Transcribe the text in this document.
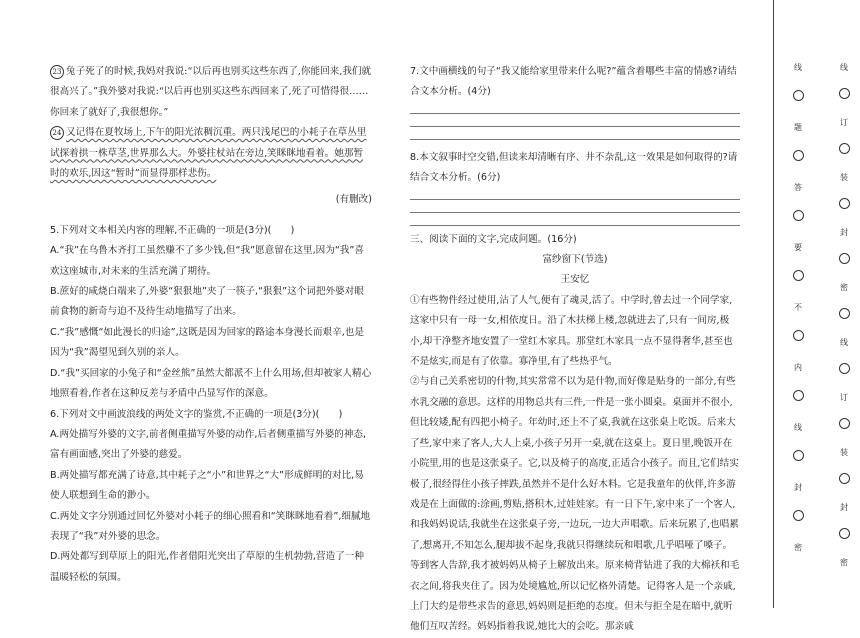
23 兔子死了的时候,我妈对我说:“以后再也别买这些东西了,你能回来,我们就很高兴了。”我外婆对我说:“以后再也别买这些东西回来了,死了可惜得很……你回来了就好了,我很想你。”

24 又记得在夏牧场上,下午的阳光浓稠沉重。两只浅尾巴的小耗子在草丛里试探着拱一株草茎,世界那么大。外婆拄杖站在旁边,笑眯眯地看着。她那暂时的欢乐,因这“暂时”而显得那样悲伤。

(有删改)

5.下列对文本相关内容的理解,不正确的一项是(3分)(　　)

A.“我”在乌鲁木齐打工虽然赚不了多少钱,但“我”愿意留在这里,因为“我”喜欢这座城市,对未来的生活充满了期待。

B.蔗好的咸烧白端来了,外婆“狠狠地”夹了一筷子,“狠狠”这个词把外婆对眼前食物的新奇与迫不及待生动地描写了出来。

C.“我”感慨“如此漫长的归途”,这既是因为回家的路途本身漫长而艰辛,也是因为“我”渴望见到久别的亲人。

D.“我”买回家的小兔子和“金丝熊”虽然大都派不上什么用场,但却被家人精心地照看着,作者在这种反差与矛盾中凸显写作的深意。

6.下列对文中画波浪线的两处文字的鉴赏,不正确的一项是(3分)(　　)

A.两处描写外婆的文字,前者侧重描写外婆的动作,后者侧重描写外婆的神态,富有画面感,突出了外婆的慈爱。

B.两处描写都充满了诗意,其中耗子之“小”和世界之“大”形成鲜明的对比,易使人联想到生命的渺小。

C.两处文字分别通过回忆外婆对小耗子的细心照看和“笑眯眯地看着”,细腻地表现了“我”对外婆的思念。

D.两处都写到草原上的阳光,作者借阳光突出了草原的生机勃勃,营造了一种温暖轻松的氛围。

7.文中画横线的句子“我又能给家里带来什么呢?”蕴含着哪些丰富的情感?请结合文本分析。(4分)

8.本文叙事时空交错,但读来却清晰有序、井不杂乱,这一效果是如何取得的?请结合文本分析。(6分)

三、阅读下面的文字,完成问题。(16分)

富纱窗下(节选)

王安忆

①有些物件经过使用,沾了人气,便有了魂灵,活了。中学时,曾去过一个同学家,这家中只有一母一女,相依度日。沿了木扶梯上楼,忽就进去了,只有一间房,极小,却干净整齐地安置了一堂红木家具。那堂红木家具一点不显得奢华,甚至也不是炫实,而是有了依靠。寡净里,有了些热乎气。

②与自己关系密切的什物,其实常常不以为是什物,而好像是贴身的一部分,有些水乳交融的意思。这样的用物总共有三件,一件是一张小圆桌。桌面并不很小,但比较矮,配有四把小椅子。年幼时,还上不了桌,我就在这张桌上吃饭。后来大了些,家中来了客人,大人上桌,小孩子另开一桌,就在这桌上。夏日里,晚饭开在小院里,用的也是这张桌子。它,以及椅子的高度,正适合小孩子。而且,它们结实极了,很经得住小孩子摔跌,虽然并不是什么好木料。它是我童年的伙伴,许多游戏是在上面做的:涂画,剪贴,搭积木,过娃娃家。有一日下午,家中来了一个客人,和我妈妈说话,我就坐在这张桌子旁,一边玩,一边大声唱歌。后来玩累了,也唱累了,想离开,不知怎么,腿却拔不起身,我就只得继续玩和唱歌,几乎唱哑了嗓子。等到客人告辞,我才被妈妈从椅子上解放出来。原来椅背钻进了我的大棉袄和毛衣之间,将我夹住了。因为处境尴尬,所以记忆格外清楚。记得客人是一个亲戚,上门大约是带些求告的意思,妈妈则是拒绝的态度。但未与拒全是在暗中,就听他们互叹苦经。妈妈指着我说,她比大的会吃。那亲戚

线
题
答
要
不
内
线
封
密
线
订
装
封
密
线
订
装
封
密
